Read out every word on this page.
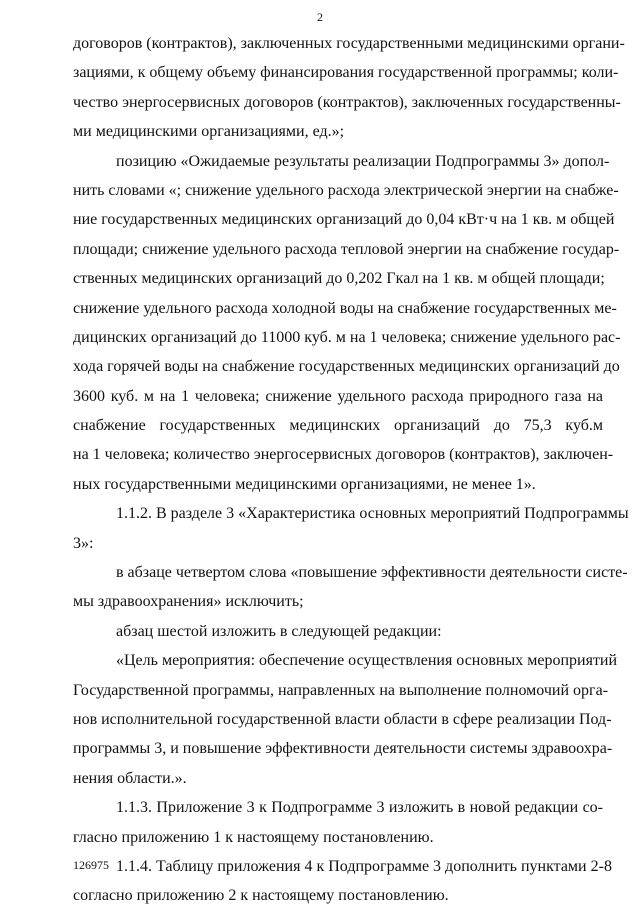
2
договоров (контрактов), заключенных государственными медицинскими органи-
зациями, к общему объему финансирования государственной программы; коли-
чество энергосервисных договоров (контрактов), заключенных государственны-
ми медицинскими организациями, ед.»;
позицию «Ожидаемые результаты реализации Подпрограммы 3» допол-
нить словами «; снижение удельного расхода электрической энергии на снабже-
ние государственных медицинских организаций до 0,04 кВт·ч на 1 кв. м общей
площади; снижение удельного расхода тепловой энергии на снабжение государ-
ственных медицинских организаций до 0,202 Гкал на 1 кв. м общей площади;
снижение удельного расхода холодной воды на снабжение государственных ме-
дицинских организаций до 11000 куб. м на 1 человека; снижение удельного рас-
хода горячей воды на снабжение государственных медицинских организаций до
3600 куб. м на 1 человека; снижение удельного расхода природного газа на
снабжение государственных медицинских организаций до 75,3 куб.м
на 1 человека; количество энергосервисных договоров (контрактов), заключен-
ных государственными медицинскими организациями, не менее 1».
1.1.2. В разделе 3 «Характеристика основных мероприятий Подпрограммы
3»:
в абзаце четвертом слова «повышение эффективности деятельности систе-
мы здравоохранения» исключить;
абзац шестой изложить в следующей редакции:
«Цель мероприятия: обеспечение осуществления основных мероприятий
Государственной программы, направленных на выполнение полномочий орга-
нов исполнительной государственной власти области в сфере реализации Под-
программы 3, и повышение эффективности деятельности системы здравоохра-
нения области.».
1.1.3. Приложение 3 к Подпрограмме 3 изложить в новой редакции со-
гласно приложению 1 к настоящему постановлению.
1.1.4. Таблицу приложения 4 к Подпрограмме 3 дополнить пунктами 2-8
согласно приложению 2 к настоящему постановлению.
126975
